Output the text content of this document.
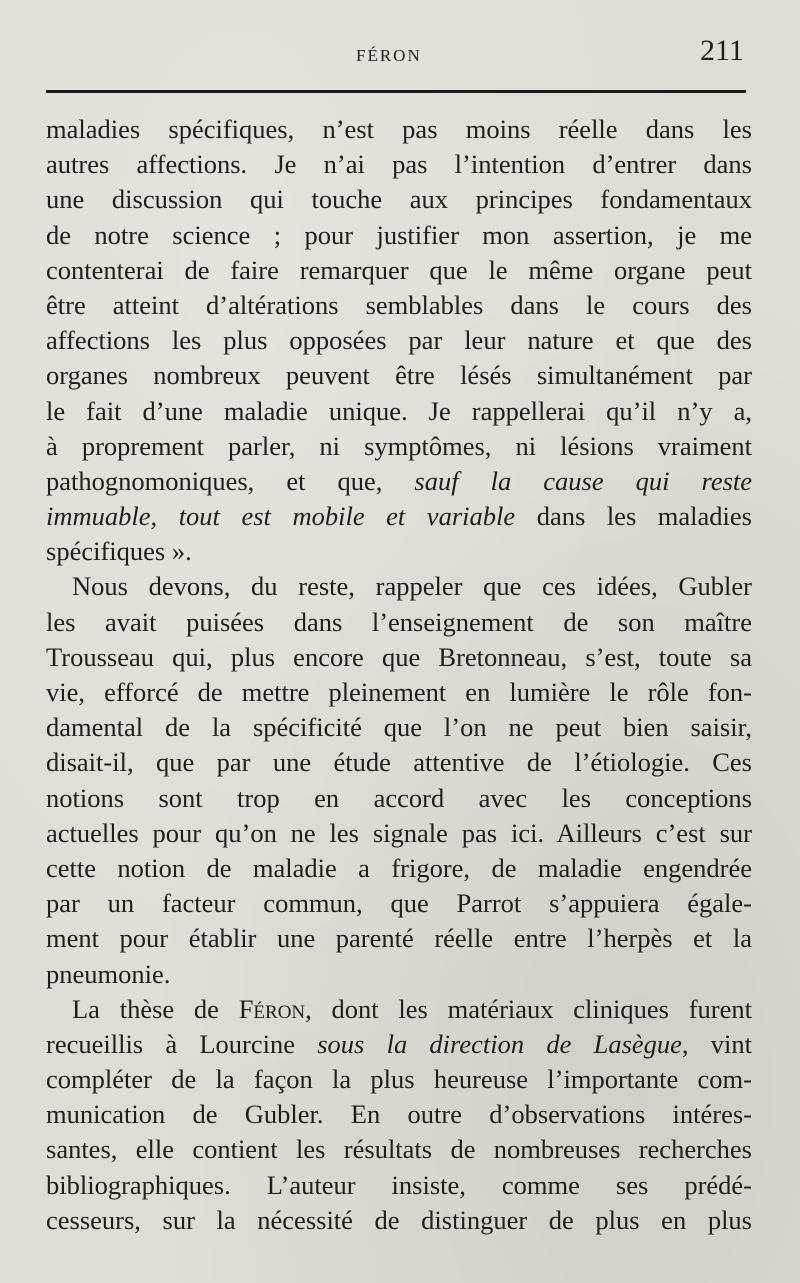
FÉRON	211
maladies spécifiques, n’est pas moins réelle dans les
autres affections. Je n’ai pas l’intention d’entrer dans
une discussion qui touche aux principes fondamentaux
de notre science ; pour justifier mon assertion, je me
contenterai de faire remarquer que le même organe peut
être atteint d’altérations semblables dans le cours des
affections les plus opposées par leur nature et que des
organes nombreux peuvent être lésés simultanément par
le fait d’une maladie unique. Je rappellerai qu’il n’y a,
à proprement parler, ni symptômes, ni lésions vraiment
pathognomoniques, et que, sauf la cause qui reste
immuable, tout est mobile et variable dans les maladies
spécifiques ».
Nous devons, du reste, rappeler que ces idées, Gubler
les avait puisées dans l’enseignement de son maître
Trousseau qui, plus encore que Bretonneau, s’est, toute sa
vie, efforcé de mettre pleinement en lumière le rôle fon-
damental de la spécificité que l’on ne peut bien saisir,
disait-il, que par une étude attentive de l’étiologie. Ces
notions sont trop en accord avec les conceptions
actuelles pour qu’on ne les signale pas ici. Ailleurs c’est sur
cette notion de maladie a frigore, de maladie engendrée
par un facteur commun, que Parrot s’appuiera égale-
ment pour établir une parenté réelle entre l’herpès et la
pneumonie.
La thèse de Féron, dont les matériaux cliniques furent
recueillis à Lourcine sous la direction de Lasègue, vint
compléter de la façon la plus heureuse l’importante com-
munication de Gubler. En outre d’observations intéres-
santes, elle contient les résultats de nombreuses recherches
bibliographiques. L’auteur insiste, comme ses prédé-
cesseurs, sur la nécessité de distinguer de plus en plus
